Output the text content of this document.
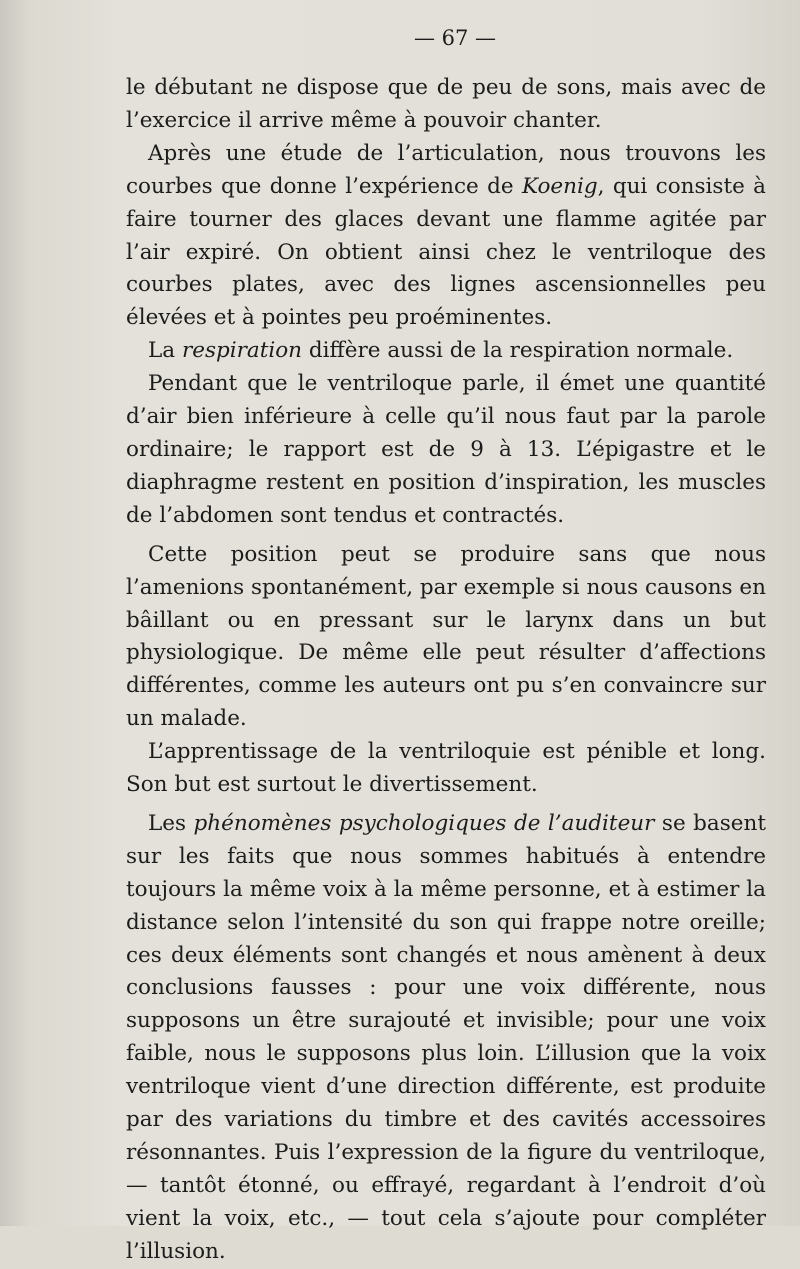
— 67 —

le débutant ne dispose que de peu de sons, mais avec de l’exercice il arrive même à pouvoir chanter.

Après une étude de l’articulation, nous trouvons les courbes que donne l’expérience de Koenig, qui consiste à faire tourner des glaces devant une flamme agitée par l’air expiré. On obtient ainsi chez le ventriloque des courbes plates, avec des lignes ascensionnelles peu élevées et à pointes peu proéminentes.

La respiration diffère aussi de la respiration normale.

Pendant que le ventriloque parle, il émet une quantité d’air bien inférieure à celle qu’il nous faut par la parole ordinaire; le rapport est de 9 à 13. L’épigastre et le diaphragme restent en position d’inspiration, les muscles de l’abdomen sont tendus et contractés.

Cette position peut se produire sans que nous l’amenions spontanément, par exemple si nous causons en bâillant ou en pressant sur le larynx dans un but physiologique. De même elle peut résulter d’affections différentes, comme les auteurs ont pu s’en convaincre sur un malade.

L’apprentissage de la ventriloquie est pénible et long. Son but est surtout le divertissement.

Les phénomènes psychologiques de l’auditeur se basent sur les faits que nous sommes habitués à entendre toujours la même voix à la même personne, et à estimer la distance selon l’intensité du son qui frappe notre oreille; ces deux éléments sont changés et nous amènent à deux conclusions fausses : pour une voix différente, nous supposons un être surajouté et invisible; pour une voix faible, nous le supposons plus loin. L’illusion que la voix ventriloque vient d’une direction différente, est produite par des variations du timbre et des cavités accessoires résonnantes. Puis l’expression de la figure du ventriloque, — tantôt étonné, ou effrayé, regardant à l’endroit d’où vient la voix, etc., — tout cela s’ajoute pour compléter l’illusion.
